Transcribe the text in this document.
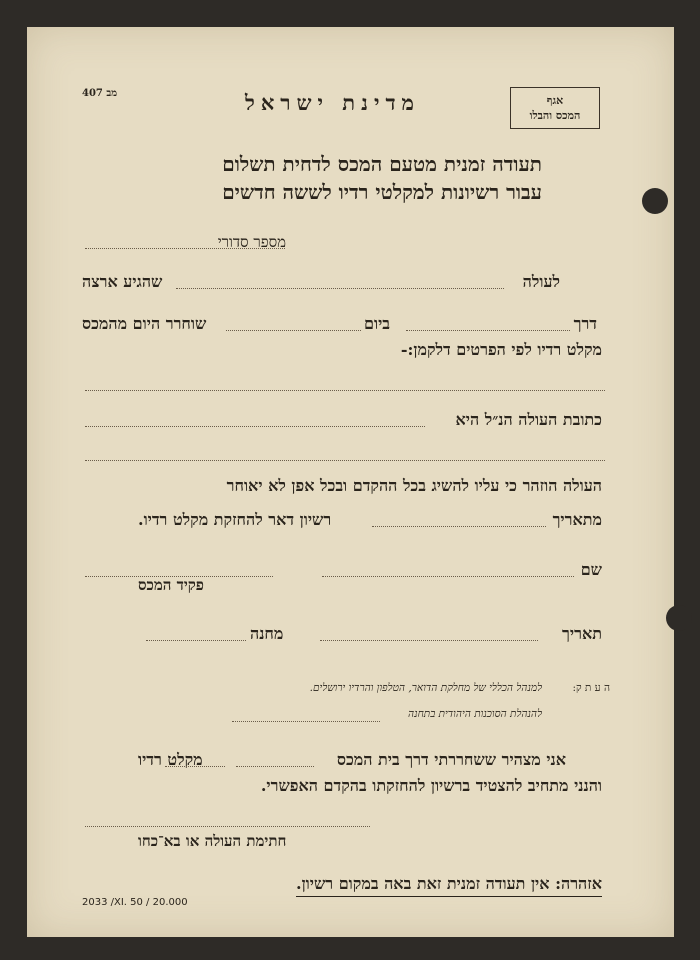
מב 407	מדינת ישראל	אגף
המכס והבלו
תעודה זמנית מטעם המכס לדחית תשלום
עבור רשיונות למקלטי רדיו לששה חדשים
מספר סדורי
לעולה
שהגיע ארצה
דרך
ביום
שוחרר היום מהמכס
מקלט רדיו לפי הפרטים דלקמן:-
כתובת העולה הנ״ל היא
העולה הוזהר כי עליו להשיג בכל ההקדם ובכל אפן לא יאוחר
מתאריך
רשיון דאר להחזקת מקלט רדיו.
שם
פקיד המכס
תאריך
מחנה
ה ע ת ק:
למנהל הכללי של מחלקת הדואר, הטלפון והרדיו ירושלים.
להנהלת הסוכנות היהודית בתחנה
אני מצהיר ששחררתי דרך בית המכס
מקלט רדיו
והנני מתחיב להצטיד ברשיון להחזקתו בהקדם האפשרי.
חתימת העולה או בא־כחו
אזהרה: אין תעודה זמנית זאת באה במקום רשיון.
2033 /XI. 50 / 20.000
